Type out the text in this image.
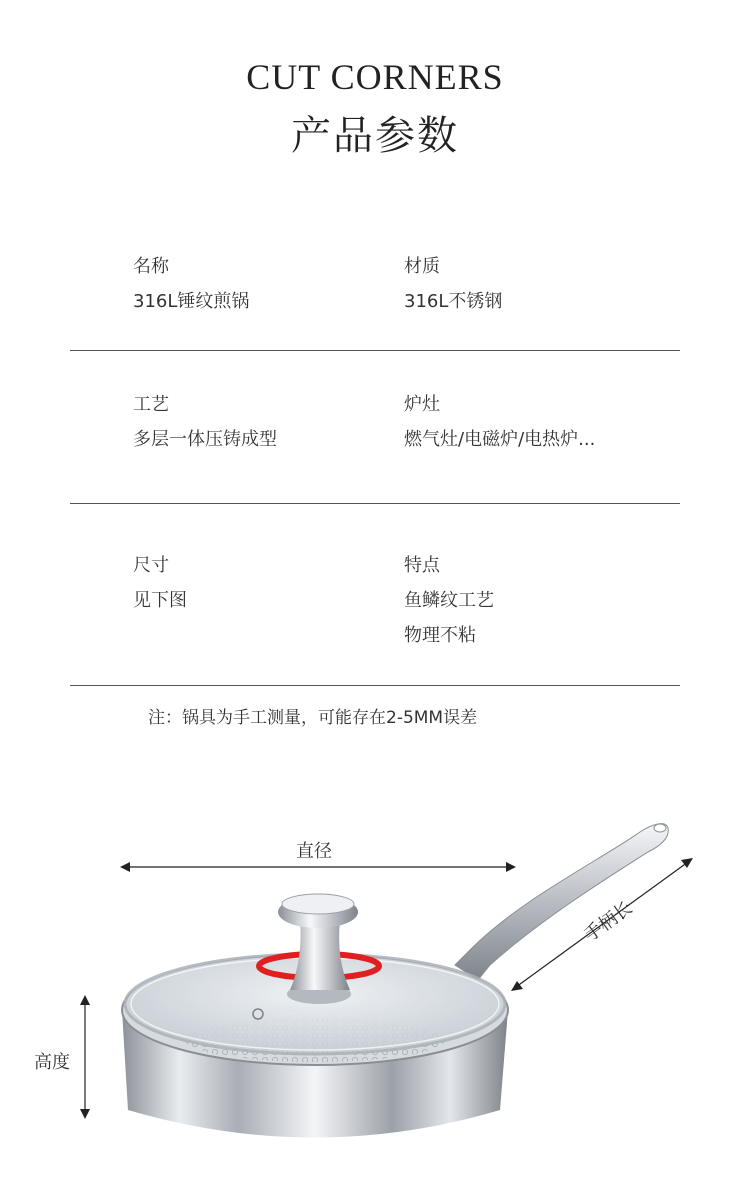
CUT CORNERS
产品参数
名称
316L锤纹煎锅
材质
316L不锈钢
工艺
多层一体压铸成型
炉灶
燃气灶/电磁炉/电热炉...
尺寸
见下图
特点
鱼鳞纹工艺
物理不粘
注：锅具为手工测量，可能存在2-5MM误差
直径
高度
手柄长
